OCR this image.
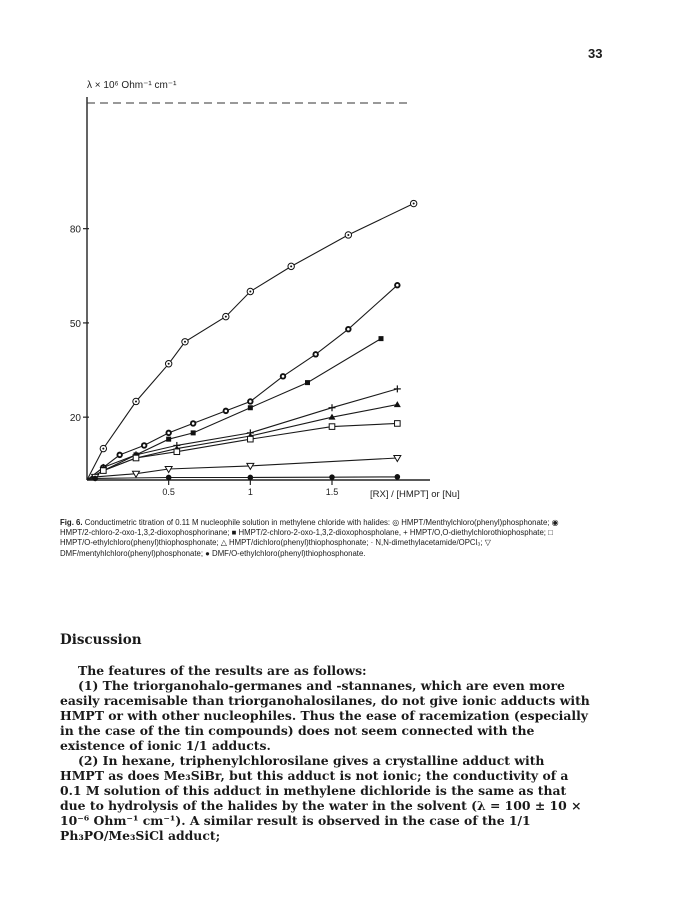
33
λ × 10⁶ Ohm⁻¹ cm⁻¹
0.5	1	1.5
20
50
80
[RX] / [HMPT] or [Nu]
Fig. 6. Conductimetric titration of 0.11 M nucleophile solution in methylene chloride with halides: ◎ HMPT/Menthylchloro(phenyl)phosphonate; ◉ HMPT/2-chloro-2-oxo-1,3,2-dioxophosphorinane; ■ HMPT/2-chloro-2-oxo-1,3,2-dioxophospholane, + HMPT/O,O-diethylchlorothiophosphate; □ HMPT/O-ethylchloro(phenyl)thiophosphonate; △ HMPT/dichloro(phenyl)thiophosphonate; · N,N-dimethylacetamide/OPCl₃; ▽ DMF/mentyhlchloro(phenyl)phosphonate; ● DMF/O-ethylchloro(phenyl)thiophosphonate.
Discussion

The features of the results are as follows:

(1) The triorganohalo-germanes and -stannanes, which are even more easily racemisable than triorganohalosilanes, do not give ionic adducts with HMPT or with other nucleophiles. Thus the ease of racemization (especially in the case of the tin compounds) does not seem connected with the existence of ionic 1/1 adducts.

(2) In hexane, triphenylchlorosilane gives a crystalline adduct with HMPT as does Me₃SiBr, but this adduct is not ionic; the conductivity of a 0.1 M solution of this adduct in methylene dichloride is the same as that due to hydrolysis of the halides by the water in the solvent (λ = 100 ± 10 × 10⁻⁶ Ohm⁻¹ cm⁻¹). A similar result is observed in the case of the 1/1 Ph₃PO/Me₃SiCl adduct;
